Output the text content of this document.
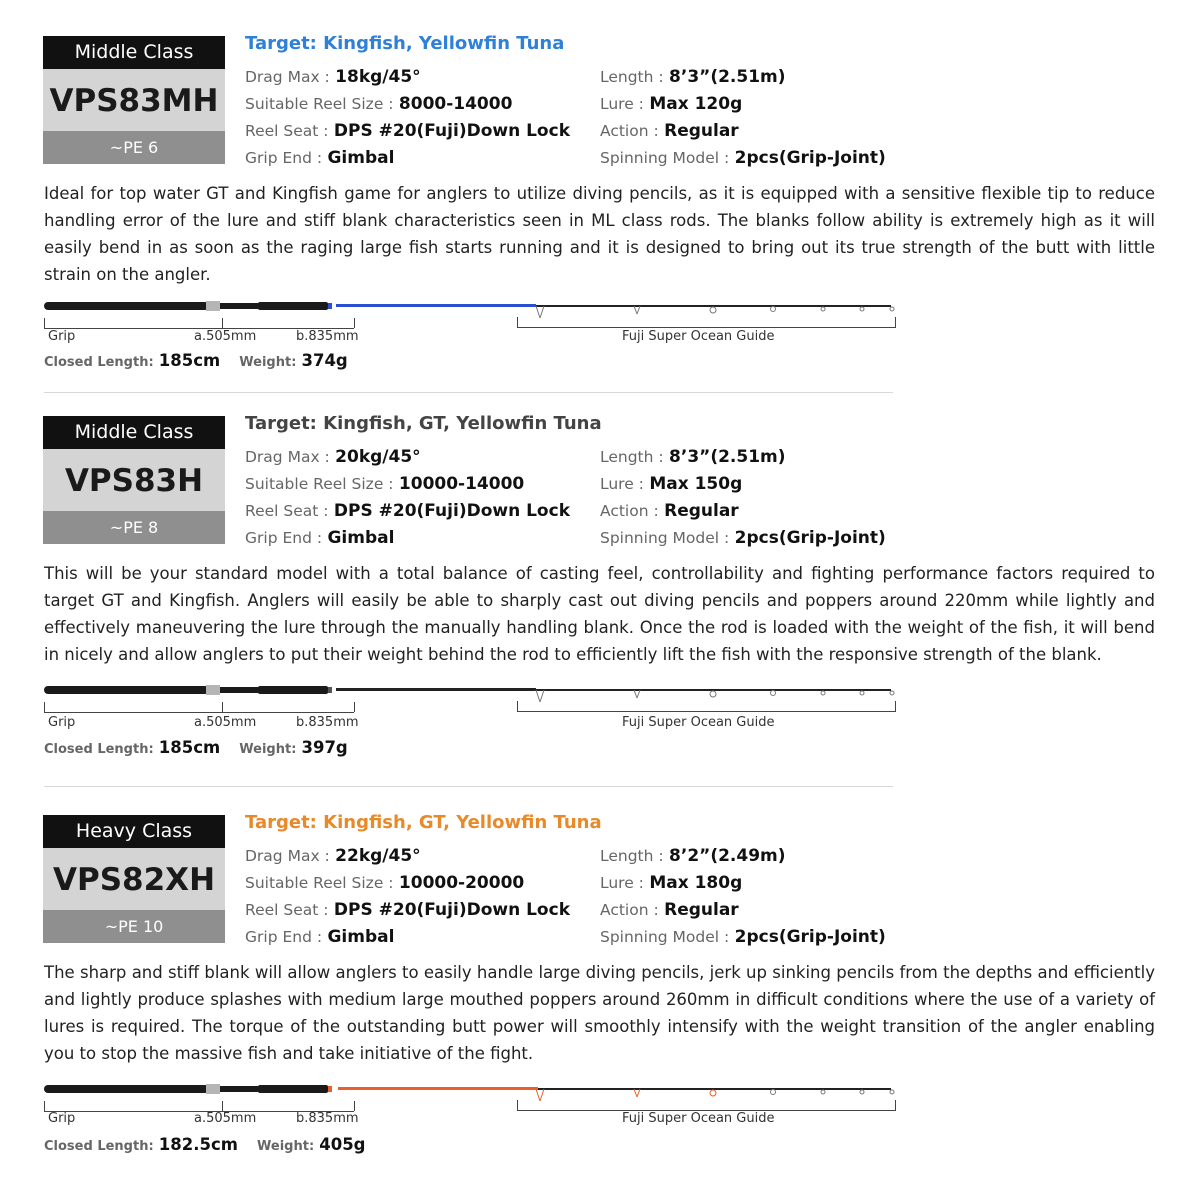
Middle Class
VPS83MH
~PE 6
Target: Kingfish, Yellowfin Tuna
Drag Max : 18kg/45°
Suitable Reel Size : 8000-14000
Reel Seat : DPS #20(Fuji)Down Lock
Grip End : Gimbal
Length : 8’3”(2.51m)
Lure : Max 120g
Action : Regular
Spinning Model : 2pcs(Grip-Joint)
Ideal for top water GT and Kingfish game for anglers to utilize diving pencils, as it is equipped with a sensitive flexible tip to reduce handling error of the lure and stiff blank characteristics seen in ML class rods. The blanks follow ability is extremely high as it will easily bend in as soon as the raging large fish starts running and it is designed to bring out its true strength of the butt with little strain on the angler.
Grip	a.505mm	b.835mm	Fuji Super Ocean Guide
Closed Length: 185cm Weight: 374g
Middle Class
VPS83H
~PE 8
Target: Kingfish, GT, Yellowfin Tuna
Drag Max : 20kg/45°
Suitable Reel Size : 10000-14000
Reel Seat : DPS #20(Fuji)Down Lock
Grip End : Gimbal
Length : 8’3”(2.51m)
Lure : Max 150g
Action : Regular
Spinning Model : 2pcs(Grip-Joint)
This will be your standard model with a total balance of casting feel, controllability and fighting performance factors required to target GT and Kingfish. Anglers will easily be able to sharply cast out diving pencils and poppers around 220mm while lightly and effectively maneuvering the lure through the manually handling blank. Once the rod is loaded with the weight of the fish, it will bend in nicely and allow anglers to put their weight behind the rod to efficiently lift the fish with the responsive strength of the blank.
Grip	a.505mm	b.835mm	Fuji Super Ocean Guide
Closed Length: 185cm Weight: 397g
Heavy Class
VPS82XH
~PE 10
Target: Kingfish, GT, Yellowfin Tuna
Drag Max : 22kg/45°
Suitable Reel Size : 10000-20000
Reel Seat : DPS #20(Fuji)Down Lock
Grip End : Gimbal
Length : 8’2”(2.49m)
Lure : Max 180g
Action : Regular
Spinning Model : 2pcs(Grip-Joint)
The sharp and stiff blank will allow anglers to easily handle large diving pencils, jerk up sinking pencils from the depths and efficiently and lightly produce splashes with medium large mouthed poppers around 260mm in difficult conditions where the use of a variety of lures is required. The torque of the outstanding butt power will smoothly intensify with the weight transition of the angler enabling you to stop the massive fish and take initiative of the fight.
Grip	a.505mm	b.835mm	Fuji Super Ocean Guide
Closed Length: 182.5cm Weight: 405g
